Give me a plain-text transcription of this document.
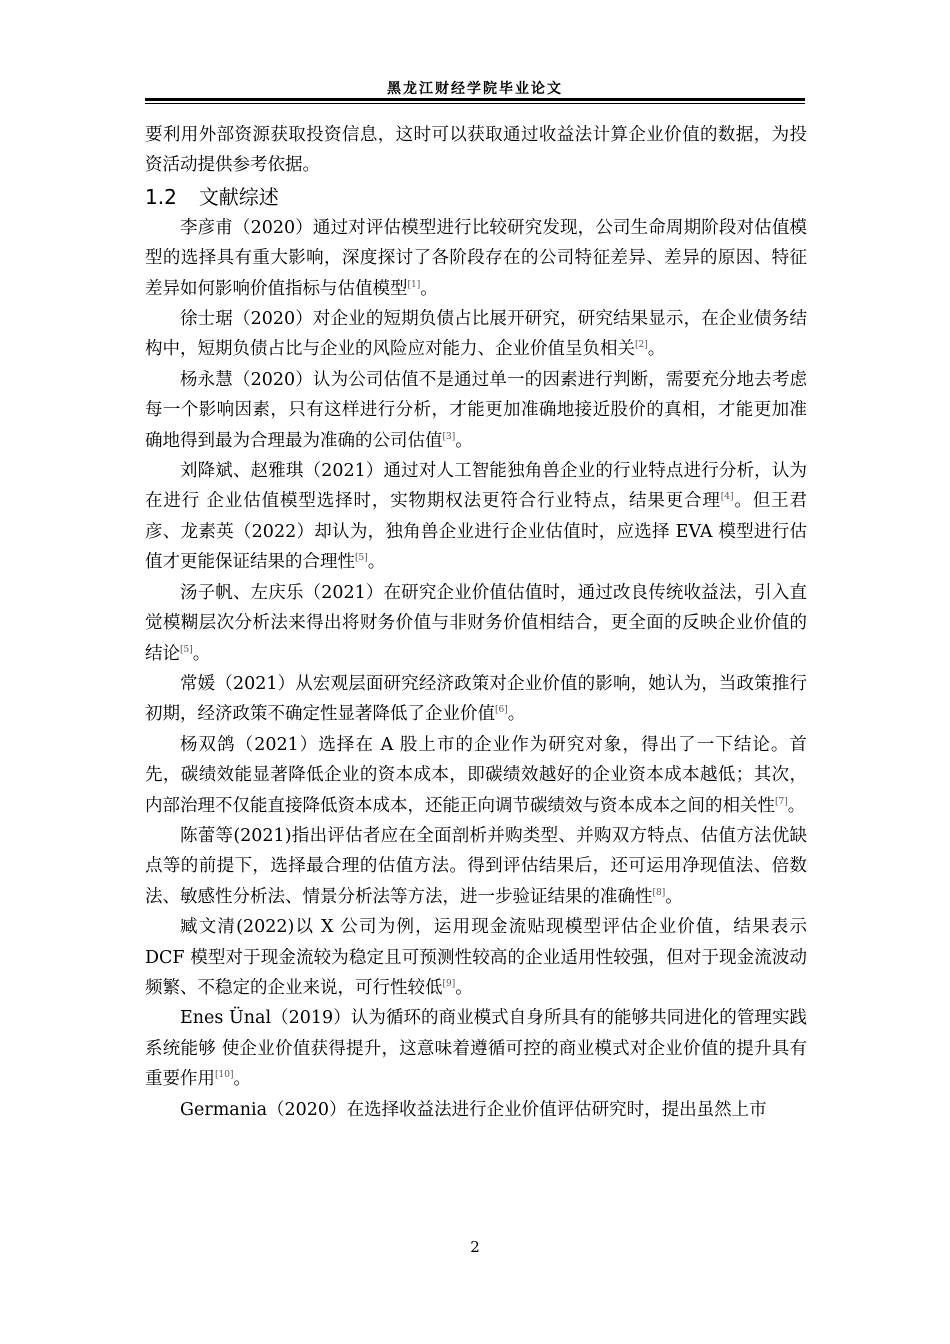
黑龙江财经学院毕业论文

要利用外部资源获取投资信息，这时可以获取通过收益法计算企业价值的数据，为投资活动提供参考依据。

1.2 文献综述

李彦甫（2020）通过对评估模型进行比较研究发现，公司生命周期阶段对估值模型的选择具有重大影响，深度探讨了各阶段存在的公司特征差异、差异的原因、特征差异如何影响价值指标与估值模型[1]。

徐士琚（2020）对企业的短期负债占比展开研究，研究结果显示，在企业债务结构中，短期负债占比与企业的风险应对能力、企业价值呈负相关[2]。

杨永慧（2020）认为公司估值不是通过单一的因素进行判断，需要充分地去考虑每一个影响因素，只有这样进行分析，才能更加准确地接近股价的真相，才能更加准确地得到最为合理最为准确的公司估值[3]。

刘降斌、赵雅琪（2021）通过对人工智能独角兽企业的行业特点进行分析，认为在进行 企业估值模型选择时，实物期权法更符合行业特点，结果更合理[4]。但王君彦、龙素英（2022）却认为，独角兽企业进行企业估值时，应选择 EVA 模型进行估值才更能保证结果的合理性[5]。

汤子帆、左庆乐（2021）在研究企业价值估值时，通过改良传统收益法，引入直觉模糊层次分析法来得出将财务价值与非财务价值相结合，更全面的反映企业价值的结论[5]。

常媛（2021）从宏观层面研究经济政策对企业价值的影响，她认为，当政策推行初期，经济政策不确定性显著降低了企业价值[6]。

杨双鸽（2021）选择在 A 股上市的企业作为研究对象，得出了一下结论。首先，碳绩效能显著降低企业的资本成本，即碳绩效越好的企业资本成本越低；其次，内部治理不仅能直接降低资本成本，还能正向调节碳绩效与资本成本之间的相关性[7]。

陈蕾等(2021)指出评估者应在全面剖析并购类型、并购双方特点、估值方法优缺点等的前提下，选择最合理的估值方法。得到评估结果后，还可运用净现值法、倍数法、敏感性分析法、情景分析法等方法，进一步验证结果的准确性[8]。

臧文清(2022)以 X 公司为例，运用现金流贴现模型评估企业价值，结果表示 DCF 模型对于现金流较为稳定且可预测性较高的企业适用性较强，但对于现金流波动频繁、不稳定的企业来说，可行性较低[9]。

Enes Ünal（2019）认为循环的商业模式自身所具有的能够共同进化的管理实践系统能够 使企业价值获得提升，这意味着遵循可控的商业模式对企业价值的提升具有重要作用[10]。

Germania（2020）在选择收益法进行企业价值评估研究时，提出虽然上市

2
